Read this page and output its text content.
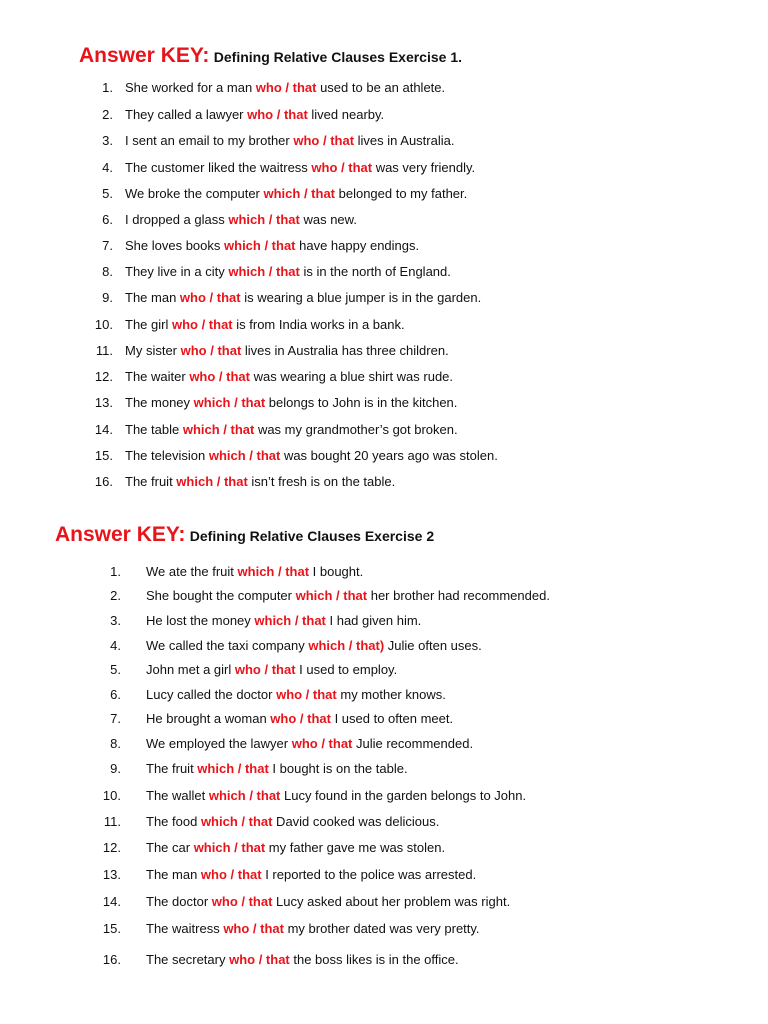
Answer KEY: Defining Relative Clauses Exercise 1.
1. She worked for a man who / that used to be an athlete.
2. They called a lawyer who / that lived nearby.
3. I sent an email to my brother who / that lives in Australia.
4. The customer liked the waitress who / that was very friendly.
5. We broke the computer which / that belonged to my father.
6. I dropped a glass which / that was new.
7. She loves books which / that have happy endings.
8. They live in a city which / that is in the north of England.
9. The man who / that is wearing a blue jumper is in the garden.
10. The girl who / that is from India works in a bank.
11. My sister who / that lives in Australia has three children.
12. The waiter who / that was wearing a blue shirt was rude.
13. The money which / that belongs to John is in the kitchen.
14. The table which / that was my grandmother’s got broken.
15. The television which / that was bought 20 years ago was stolen.
16. The fruit which / that isn’t fresh is on the table.
Answer KEY: Defining Relative Clauses Exercise 2
1. We ate the fruit which / that I bought.
2. She bought the computer which / that her brother had recommended.
3. He lost the money which / that I had given him.
4. We called the taxi company which / that) Julie often uses.
5. John met a girl who / that I used to employ.
6. Lucy called the doctor who / that my mother knows.
7. He brought a woman who / that I used to often meet.
8. We employed the lawyer who / that Julie recommended.
9. The fruit which / that I bought is on the table.
10. The wallet which / that Lucy found in the garden belongs to John.
11. The food which / that David cooked was delicious.
12. The car which / that my father gave me was stolen.
13. The man who / that I reported to the police was arrested.
14. The doctor who / that Lucy asked about her problem was right.
15. The waitress who / that my brother dated was very pretty.
16. The secretary who / that the boss likes is in the office.
